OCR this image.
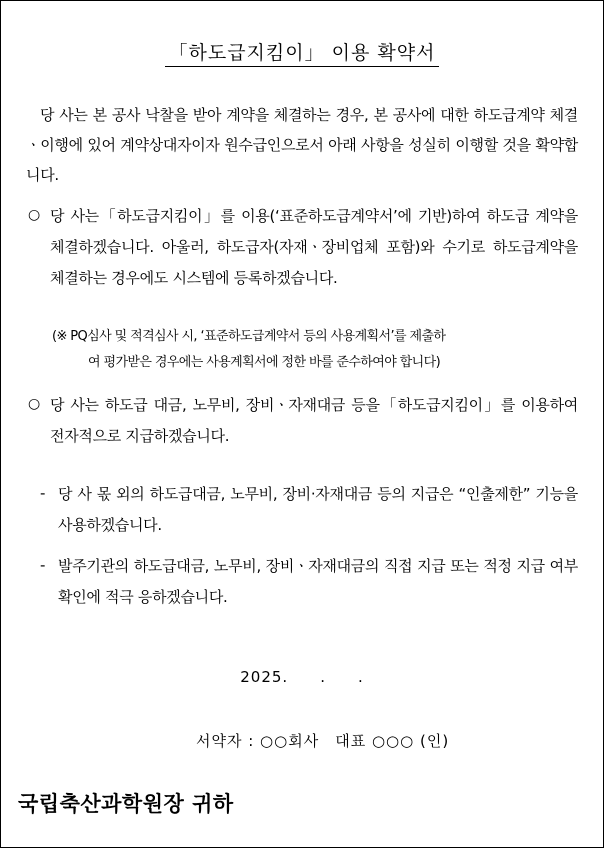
「하도급지킴이」 이용 확약서
당 사는 본 공사 낙찰을 받아 계약을 체결하는 경우, 본 공사에 대한 하도급계약 체결ㆍ이행에 있어 계약상대자이자 원수급인으로서 아래 사항을 성실히 이행할 것을 확약합니다.
○ 당 사는「하도급지킴이」를 이용(‘표준하도급계약서’에 기반)하여 하도급 계약을 체결하겠습니다. 아울러, 하도급자(자재ㆍ장비업체 포함)와 수기로 하도급계약을 체결하는 경우에도 시스템에 등록하겠습니다.
(※ PQ심사 및 적격심사 시, ‘표준하도급계약서 등의 사용계획서’를 제출하
여 평가받은 경우에는 사용계획서에 정한 바를 준수하여야 합니다)
○ 당 사는 하도급 대금, 노무비, 장비ㆍ자재대금 등을「하도급지킴이」를 이용하여 전자적으로 지급하겠습니다.
- 당 사 몫 외의 하도급대금, 노무비, 장비·자재대금 등의 지급은 “인출제한” 기능을 사용하겠습니다.
- 발주기관의 하도급대금, 노무비, 장비ㆍ자재대금의 직접 지급 또는 적정 지급 여부 확인에 적극 응하겠습니다.
2025.　　.　　.
서약자 : ○○회사　대표 ○○○ (인)
국립축산과학원장 귀하
